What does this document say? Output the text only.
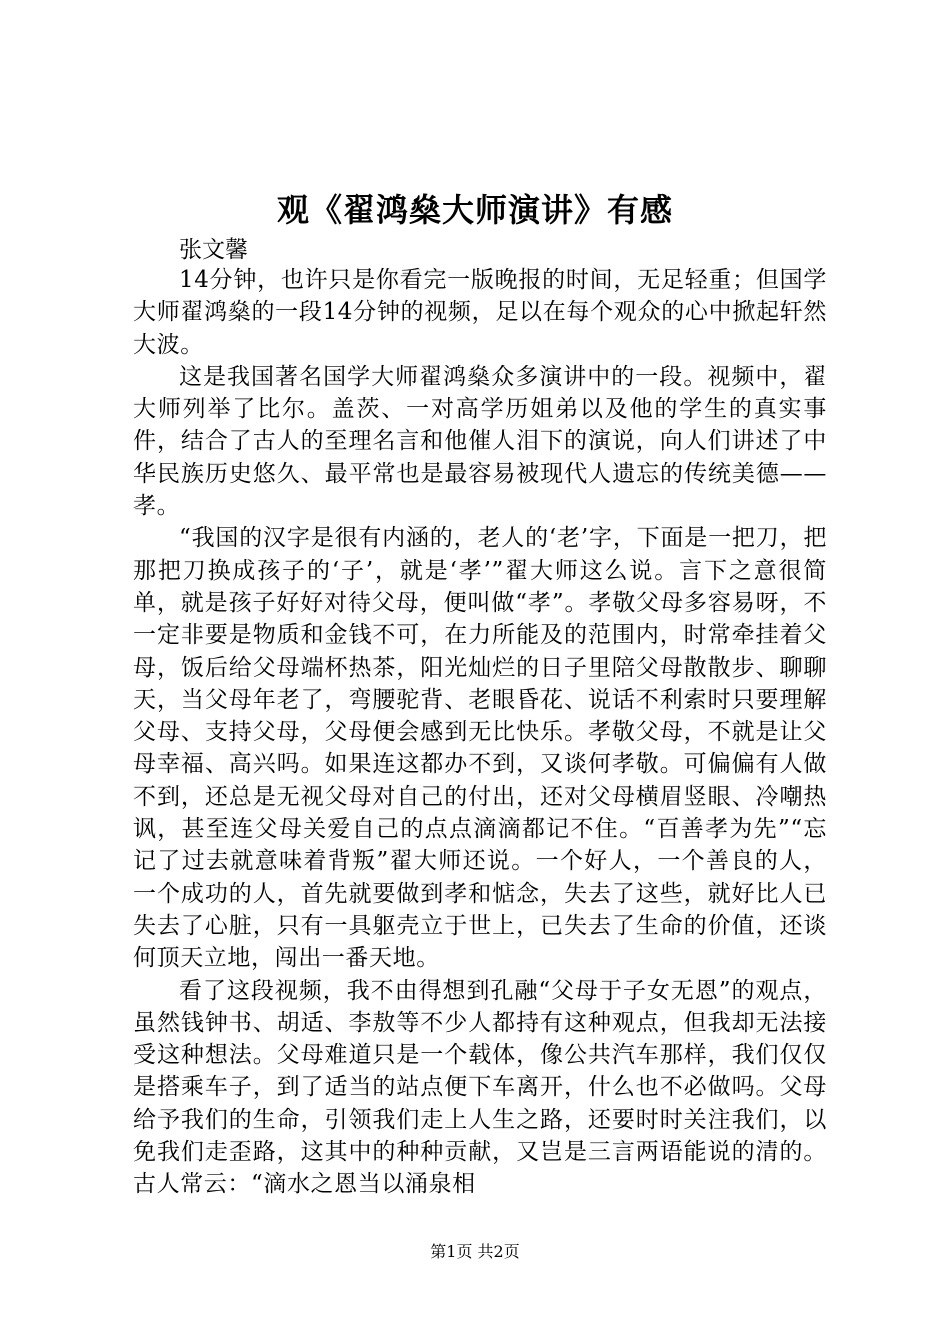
观《翟鸿燊大师演讲》有感
张文馨

14分钟，也许只是你看完一版晚报的时间，无足轻重；但国学大师翟鸿燊的一段14分钟的视频，足以在每个观众的心中掀起轩然大波。

这是我国著名国学大师翟鸿燊众多演讲中的一段。视频中，翟大师列举了比尔。盖茨、一对高学历姐弟以及他的学生的真实事件，结合了古人的至理名言和他催人泪下的演说，向人们讲述了中华民族历史悠久、最平常也是最容易被现代人遗忘的传统美德——孝。

“我国的汉字是很有内涵的，老人的‘老’字，下面是一把刀，把那把刀换成孩子的‘子’，就是‘孝’”翟大师这么说。言下之意很简单，就是孩子好好对待父母，便叫做“孝”。孝敬父母多容易呀，不一定非要是物质和金钱不可，在力所能及的范围内，时常牵挂着父母，饭后给父母端杯热茶，阳光灿烂的日子里陪父母散散步、聊聊天，当父母年老了，弯腰驼背、老眼昏花、说话不利索时只要理解父母、支持父母，父母便会感到无比快乐。孝敬父母，不就是让父母幸福、高兴吗。如果连这都办不到，又谈何孝敬。可偏偏有人做不到，还总是无视父母对自己的付出，还对父母横眉竖眼、冷嘲热讽，甚至连父母关爱自己的点点滴滴都记不住。“百善孝为先”“忘记了过去就意味着背叛”翟大师还说。一个好人，一个善良的人，一个成功的人，首先就要做到孝和惦念，失去了这些，就好比人已失去了心脏，只有一具躯壳立于世上，已失去了生命的价值，还谈何顶天立地，闯出一番天地。

看了这段视频，我不由得想到孔融“父母于子女无恩”的观点，虽然钱钟书、胡适、李敖等不少人都持有这种观点，但我却无法接受这种想法。父母难道只是一个载体，像公共汽车那样，我们仅仅是搭乘车子，到了适当的站点便下车离开，什么也不必做吗。父母给予我们的生命，引领我们走上人生之路，还要时时关注我们，以免我们走歪路，这其中的种种贡献，又岂是三言两语能说的清的。古人常云：“滴水之恩当以涌泉相

第1页 共2页
